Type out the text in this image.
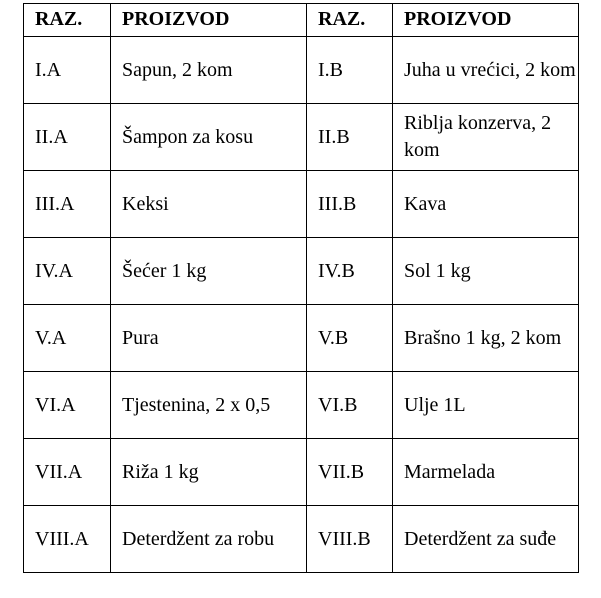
RAZ.	PROIZVOD	RAZ.	PROIZVOD
I.A	Sapun, 2 kom	I.B	Juha u vrećici, 2 kom
II.A	Šampon za kosu	II.B	Riblja konzerva, 2 kom
III.A	Keksi	III.B	Kava
IV.A	Šećer 1 kg	IV.B	Sol 1 kg
V.A	Pura	V.B	Brašno 1 kg, 2 kom
VI.A	Tjestenina, 2 x 0,5	VI.B	Ulje 1L
VII.A	Riža 1 kg	VII.B	Marmelada
VIII.A	Deterdžent za robu	VIII.B	Deterdžent za suđe
